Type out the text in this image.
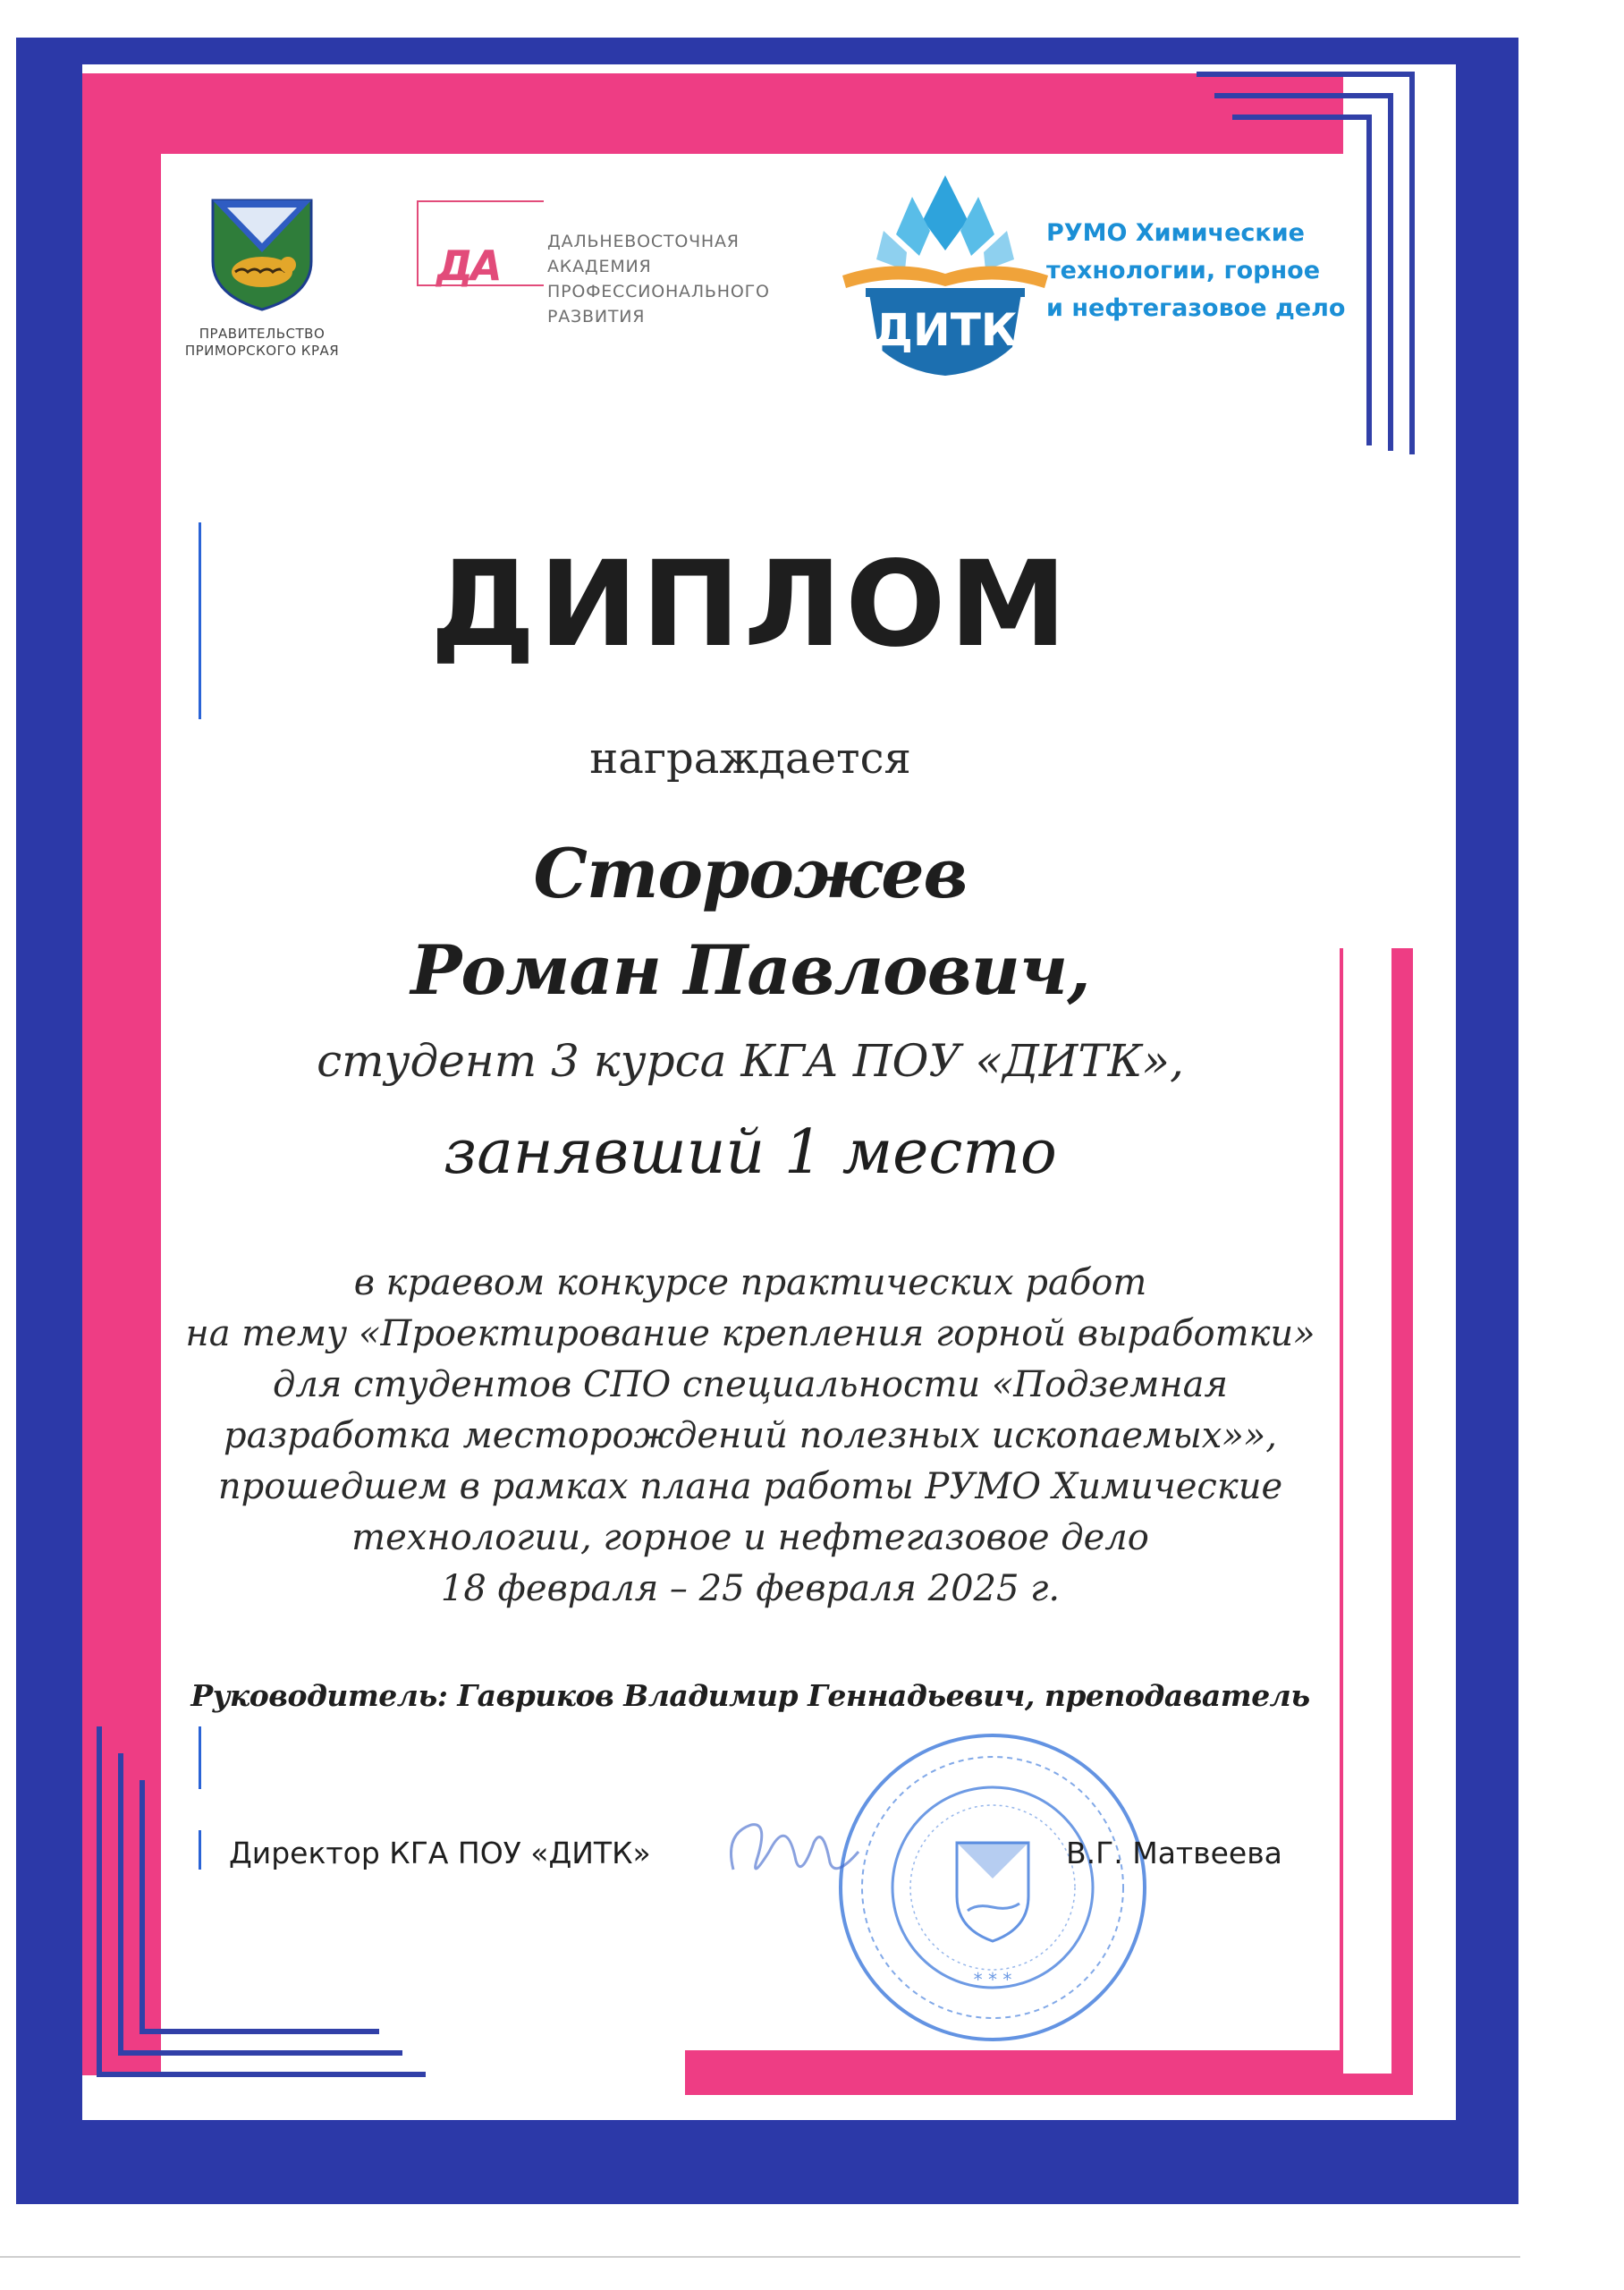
ПРАВИТЕЛЬСТВО
ПРИМОРСКОГО КРАЯ
ДА	ДАЛЬНЕВОСТОЧНАЯ
АКАДЕМИЯ
ПРОФЕССИОНАЛЬНОГО
РАЗВИТИЯ	ДИТК
РУМО Химические
технологии, горное
и нефтегазовое дело
ДИПЛОМ
награждается
Сторожев
Роман Павлович,
студент 3 курса КГА ПОУ «ДИТК»,
занявший 1 место
в краевом конкурсе практических работ
на тему «Проектирование крепления горной выработки»
для студентов СПО специальности «Подземная
разработка месторождений полезных ископаемых»»,
прошедшем в рамках плана работы РУМО Химические
технологии, горное и нефтегазовое дело
18 февраля – 25 февраля 2025 г.
Руководитель: Гавриков Владимир Геннадьевич, преподаватель
* * *
Директор КГА ПОУ «ДИТК»	В.Г. Матвеева
